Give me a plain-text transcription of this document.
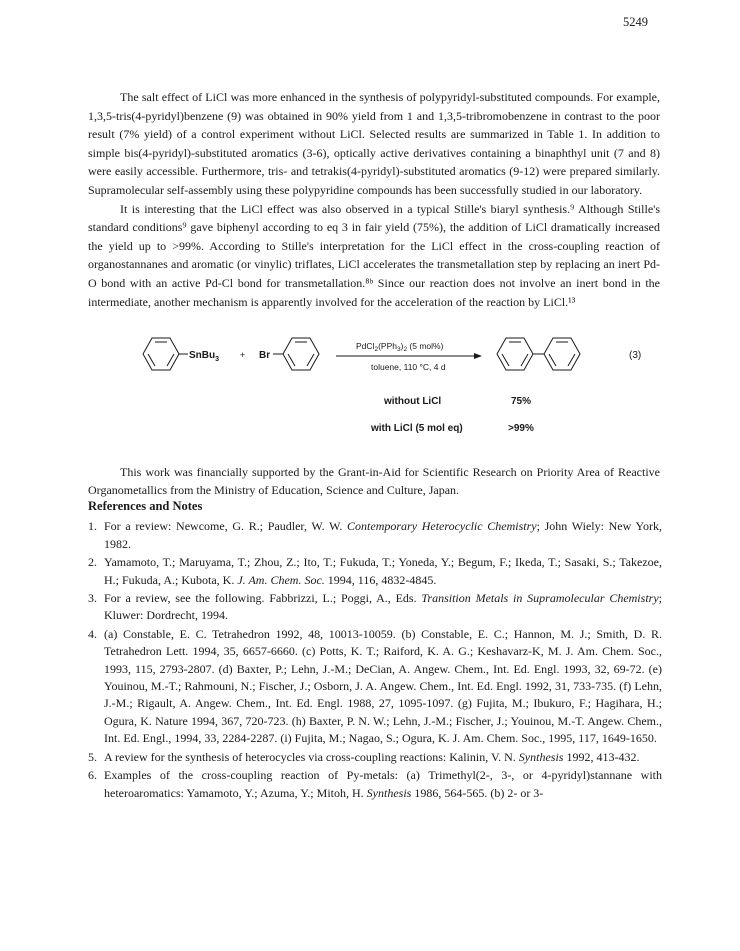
5249

The salt effect of LiCl was more enhanced in the synthesis of polypyridyl-substituted compounds. For example, 1,3,5-tris(4-pyridyl)benzene (9) was obtained in 90% yield from 1 and 1,3,5-tribromobenzene in contrast to the poor result (7% yield) of a control experiment without LiCl. Selected results are summarized in Table 1. In addition to simple bis(4-pyridyl)-substituted aromatics (3-6), optically active derivatives containing a binaphthyl unit (7 and 8) were easily accessible. Furthermore, tris- and tetrakis(4-pyridyl)-substituted aromatics (9-12) were prepared similarly. Supramolecular self-assembly using these polypyridine compounds has been successfully studied in our laboratory.

It is interesting that the LiCl effect was also observed in a typical Stille's biaryl synthesis.⁹ Although Stille's standard conditions⁹ gave biphenyl according to eq 3 in fair yield (75%), the addition of LiCl dramatically increased the yield up to >99%. According to Stille's interpretation for the LiCl effect in the cross-coupling reaction of organostannanes and aromatic (or vinylic) triflates, LiCl accelerates the transmetallation step by replacing an inert Pd-O bond with an active Pd-Cl bond for transmetallation.⁸ᵇ Since our reaction does not involve an inert bond in the intermediate, another mechanism is apparently involved for the acceleration of the reaction by LiCl.¹³

SnBu$_3$ + Br
$PdCl_2(PPh_3)_2$ (5 mol%)
toluene, 110 °C, 4 d
(3)
without LiCl	75%
with LiCl (5 mol eq)	>99%
This work was financially supported by the Grant-in-Aid for Scientific Research on Priority Area of Reactive Organometallics from the Ministry of Education, Science and Culture, Japan.
References and Notes
1. For a review: Newcome, G. R.; Paudler, W. W. Contemporary Heterocyclic Chemistry; John Wiely: New York, 1982.
2. Yamamoto, T.; Maruyama, T.; Zhou, Z.; Ito, T.; Fukuda, T.; Yoneda, Y.; Begum, F.; Ikeda, T.; Sasaki, S.; Takezoe, H.; Fukuda, A.; Kubota, K. J. Am. Chem. Soc. 1994, 116, 4832-4845.
3. For a review, see the following. Fabbrizzi, L.; Poggi, A., Eds. Transition Metals in Supramolecular Chemistry; Kluwer: Dordrecht, 1994.
4. (a) Constable, E. C. Tetrahedron 1992, 48, 10013-10059. (b) Constable, E. C.; Hannon, M. J.; Smith, D. R. Tetrahedron Lett. 1994, 35, 6657-6660. (c) Potts, K. T.; Raiford, K. A. G.; Keshavarz-K, M. J. Am. Chem. Soc., 1993, 115, 2793-2807. (d) Baxter, P.; Lehn, J.-M.; DeCian, A. Angew. Chem., Int. Ed. Engl. 1993, 32, 69-72. (e) Youinou, M.-T.; Rahmouni, N.; Fischer, J.; Osborn, J. A. Angew. Chem., Int. Ed. Engl. 1992, 31, 733-735. (f) Lehn, J.-M.; Rigault, A. Angew. Chem., Int. Ed. Engl. 1988, 27, 1095-1097. (g) Fujita, M.; Ibukuro, F.; Hagihara, H.; Ogura, K. Nature 1994, 367, 720-723. (h) Baxter, P. N. W.; Lehn, J.-M.; Fischer, J.; Youinou, M.-T. Angew. Chem., Int. Ed. Engl., 1994, 33, 2284-2287. (i) Fujita, M.; Nagao, S.; Ogura, K. J. Am. Chem. Soc., 1995, 117, 1649-1650.
5. A review for the synthesis of heterocycles via cross-coupling reactions: Kalinin, V. N. Synthesis 1992, 413-432.
6. Examples of the cross-coupling reaction of Py-metals: (a) Trimethyl(2-, 3-, or 4-pyridyl)stannane with heteroaromatics: Yamamoto, Y.; Azuma, Y.; Mitoh, H. Synthesis 1986, 564-565. (b) 2- or 3-
